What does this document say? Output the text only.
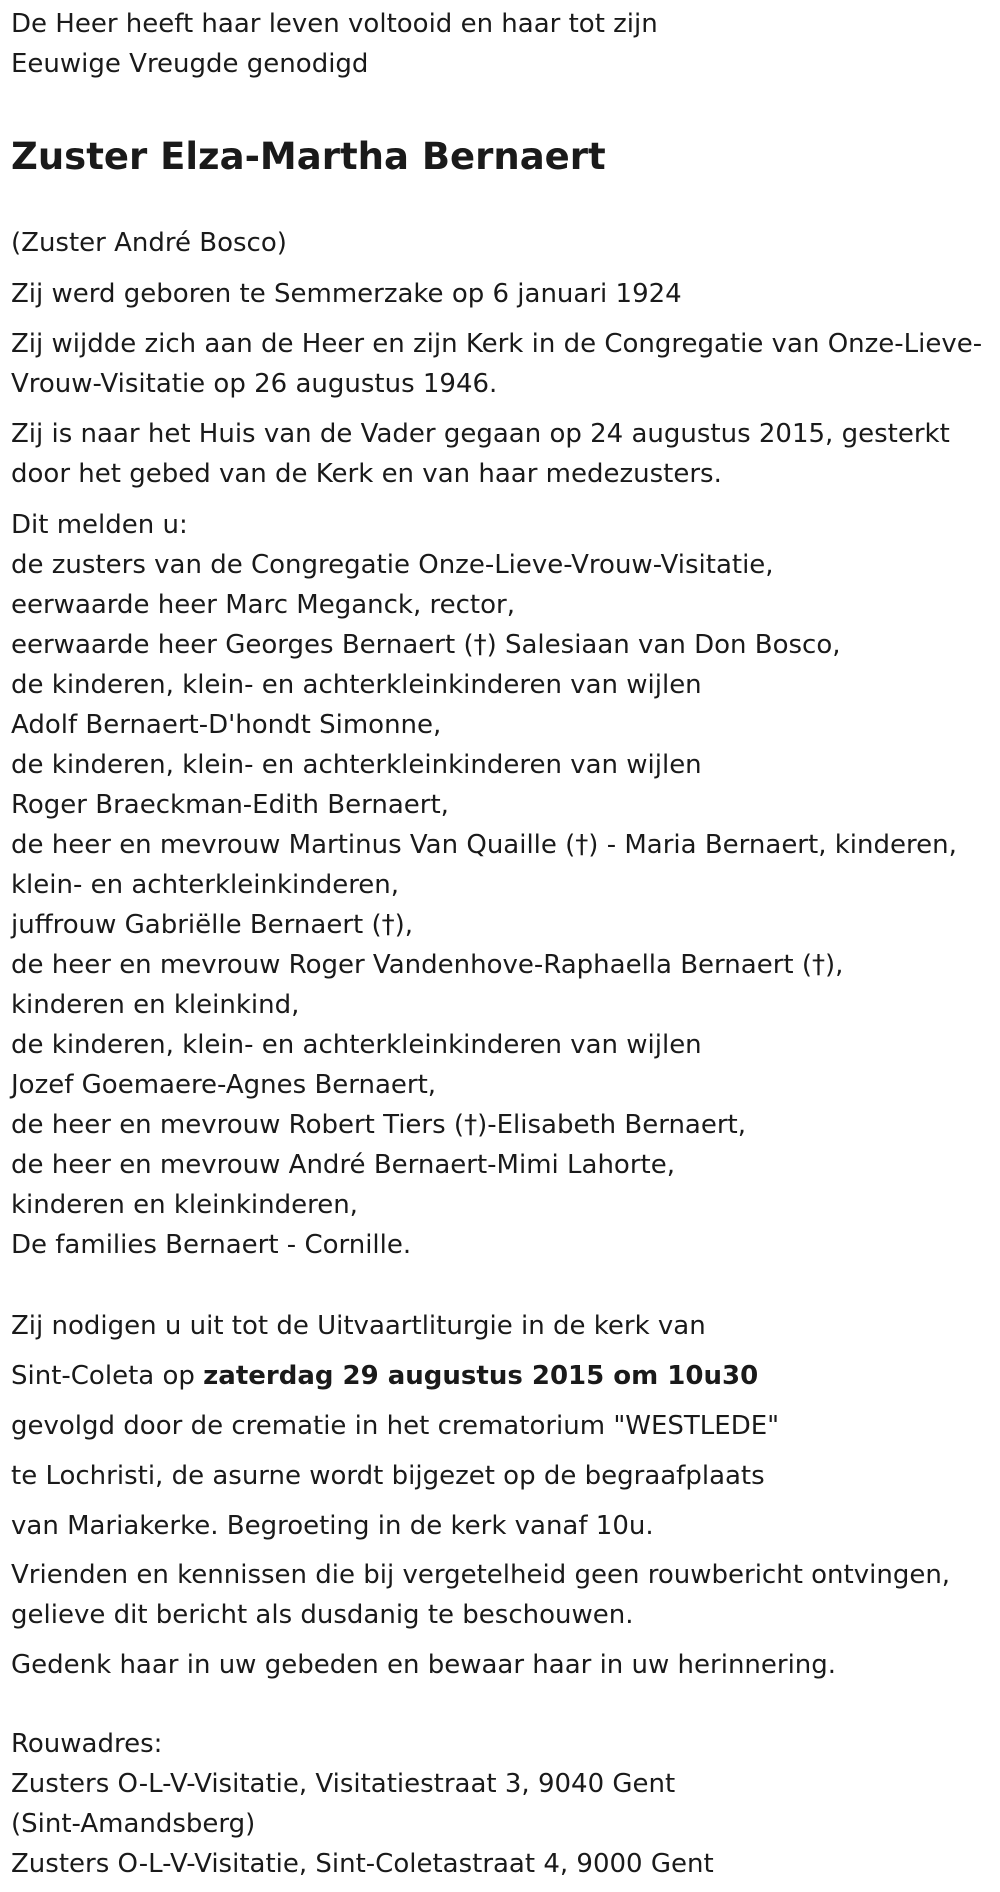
De Heer heeft haar leven voltooid en haar tot zijn
Eeuwige Vreugde genodigd
Zuster Elza-Martha Bernaert
(Zuster André Bosco)
Zij werd geboren te Semmerzake op 6 januari 1924
Zij wijdde zich aan de Heer en zijn Kerk in de Congregatie van Onze-Lieve-
Vrouw-Visitatie op 26 augustus 1946.
Zij is naar het Huis van de Vader gegaan op 24 augustus 2015, gesterkt
door het gebed van de Kerk en van haar medezusters.
Dit melden u:
de zusters van de Congregatie Onze-Lieve-Vrouw-Visitatie,
eerwaarde heer Marc Meganck, rector,
eerwaarde heer Georges Bernaert (†) Salesiaan van Don Bosco,
de kinderen, klein- en achterkleinkinderen van wijlen
Adolf Bernaert-D'hondt Simonne,
de kinderen, klein- en achterkleinkinderen van wijlen
Roger Braeckman-Edith Bernaert,
de heer en mevrouw Martinus Van Quaille (†) - Maria Bernaert, kinderen,
klein- en achterkleinkinderen,
juffrouw Gabriëlle Bernaert (†),
de heer en mevrouw Roger Vandenhove-Raphaella Bernaert (†),
kinderen en kleinkind,
de kinderen, klein- en achterkleinkinderen van wijlen
Jozef Goemaere-Agnes Bernaert,
de heer en mevrouw Robert Tiers (†)-Elisabeth Bernaert,
de heer en mevrouw André Bernaert-Mimi Lahorte,
kinderen en kleinkinderen,
De families Bernaert - Cornille.
Zij nodigen u uit tot de Uitvaartliturgie in de kerk van
Sint-Coleta op zaterdag 29 augustus 2015 om 10u30
gevolgd door de crematie in het crematorium "WESTLEDE"
te Lochristi, de asurne wordt bijgezet op de begraafplaats
van Mariakerke. Begroeting in de kerk vanaf 10u.
Vrienden en kennissen die bij vergetelheid geen rouwbericht ontvingen,
gelieve dit bericht als dusdanig te beschouwen.
Gedenk haar in uw gebeden en bewaar haar in uw herinnering.
Rouwadres:
Zusters O-L-V-Visitatie, Visitatiestraat 3, 9040 Gent
(Sint-Amandsberg)
Zusters O-L-V-Visitatie, Sint-Coletastraat 4, 9000 Gent
